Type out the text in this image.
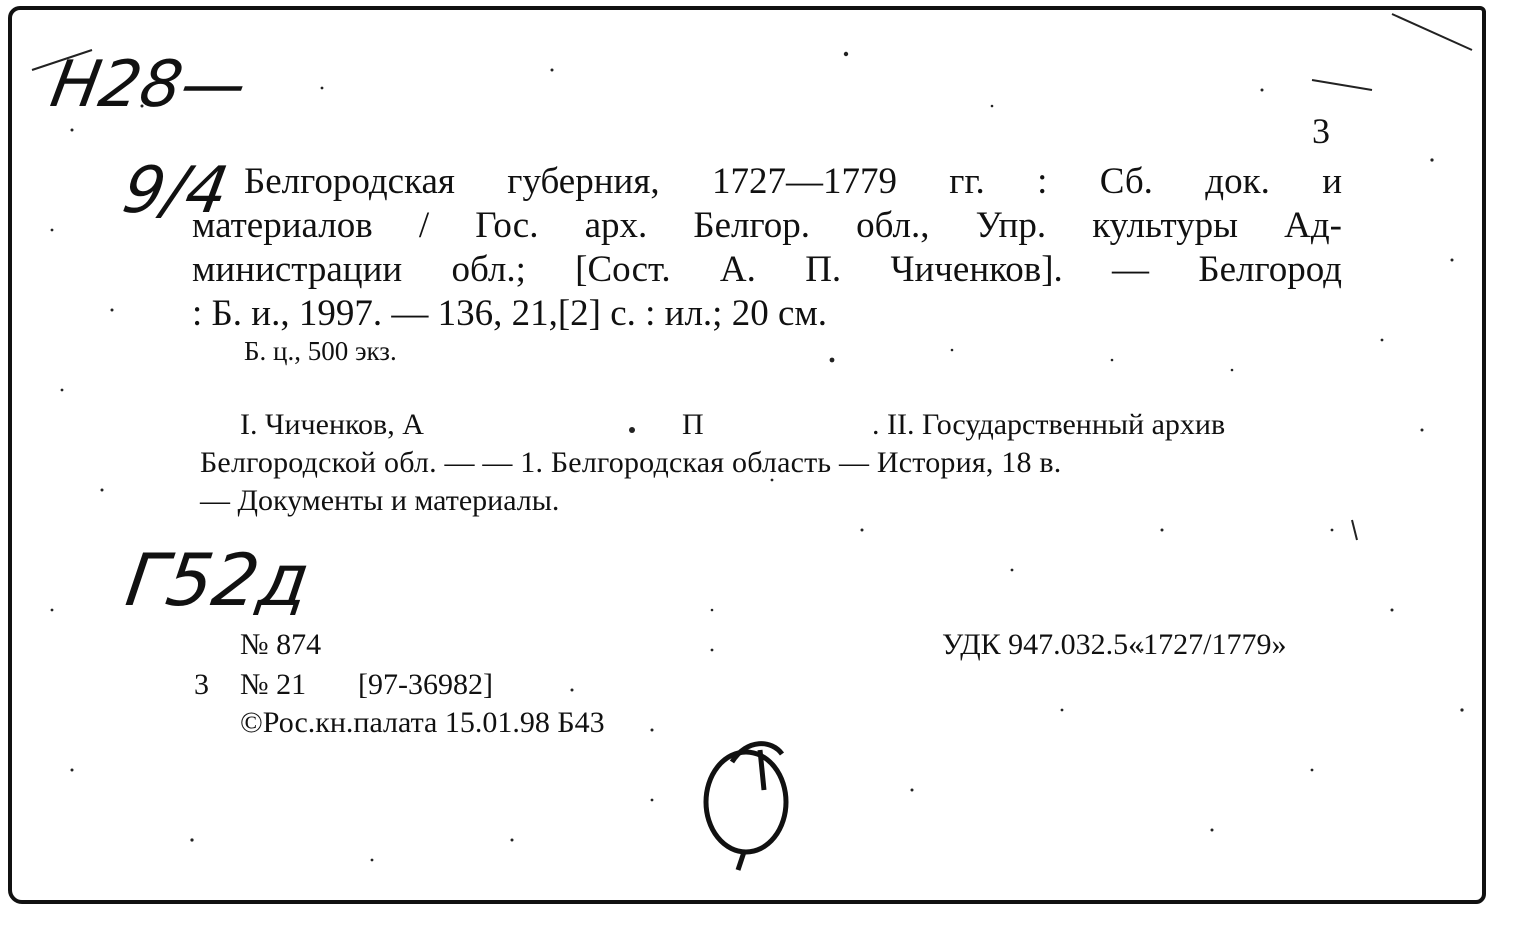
Н28—
9/4
Г52д
3
Белгородская губерния, 1727—1779 гг. : Сб. док. и
материалов / Гос. арх. Белгор. обл., Упр. культуры Ад-
министрации обл.; [Сост. А. П. Чиченков]. — Белгород
: Б. и., 1997. — 136, 21,[2] с. : ил.; 20 см.
Б. ц., 500 экз.
I. Чиченков, А	П	. II. Государственный архив
Белгородской обл. — — 1. Белгородская область — История, 18 в.
— Документы и материалы.
№ 874	УДК 947.032.5«1727/1779»
3 № 21 [97-36982]
©Рос.кн.палата 15.01.98 Б43
